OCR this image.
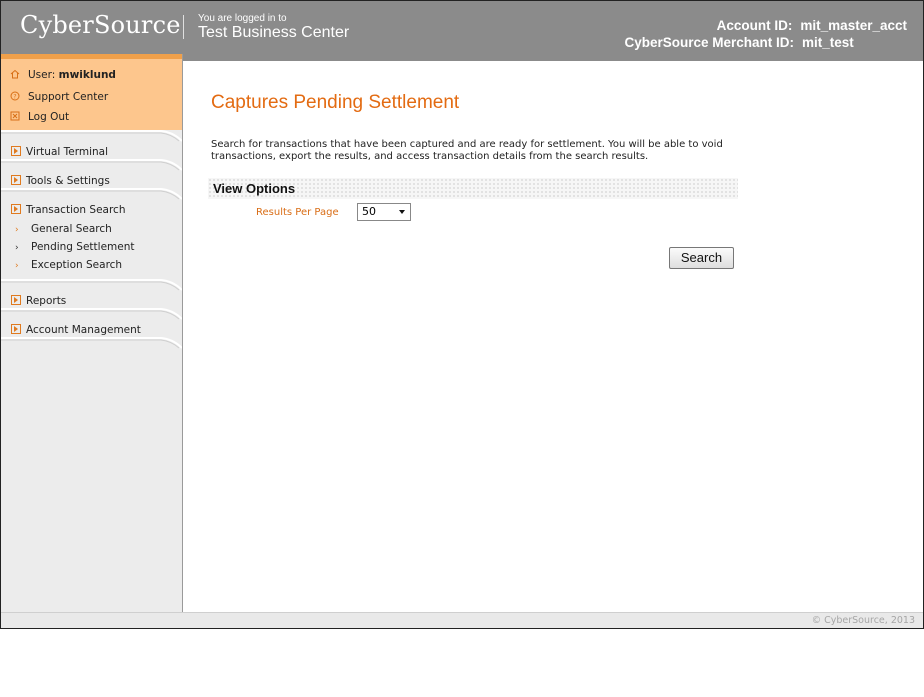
CyberSource You are logged in to
Test Business Center	Account ID: mit_master_acct
CyberSource Merchant ID: mit_test
User: mwiklund
? Support Center
Log Out
Virtual Terminal
Tools & Settings
Transaction Search
› General Search
› Pending Settlement
› Exception Search
Reports
Account Management
Captures Pending Settlement
Search for transactions that have been captured and are ready for settlement. You will be able to void transactions, export the results, and access transaction details from the search results.
View Options
Results Per Page 50
Search
© CyberSource, 2013
